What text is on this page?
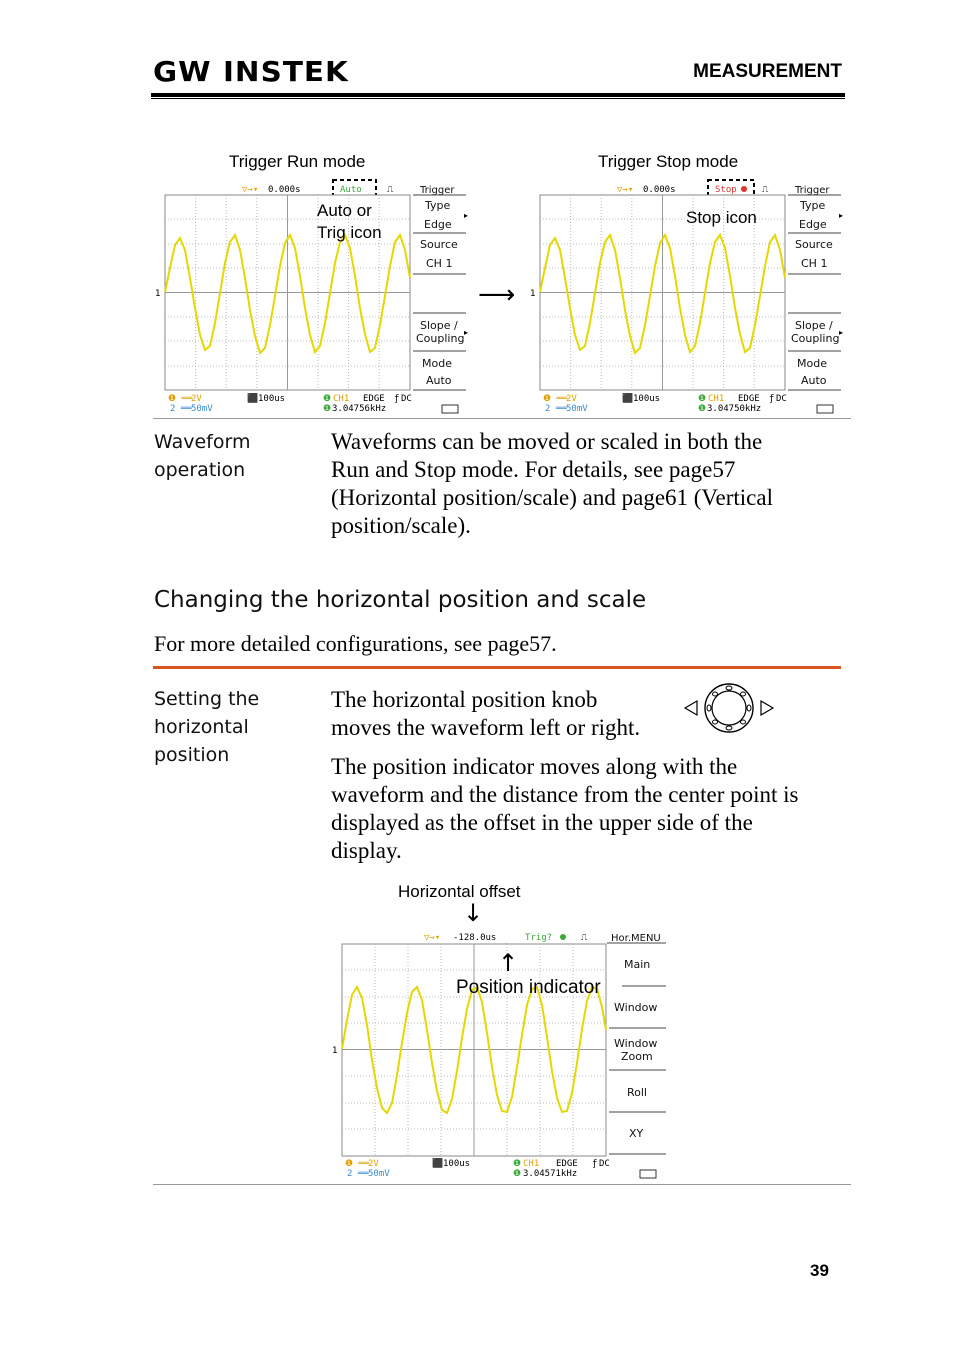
GW INSTEK	MEASUREMENT
Trigger Run mode	Trigger Stop mode
▽→▾ 0.000s	Auto	⎍	Trigger
1
Type
Edge
Source
CH 1
Slope /
Coupling
Mode
Auto
▸
▸
❶ ══
2V
2 ══ 50mV
⬛ 100us	❶ CH1 EDGE ƒ DC
❶ 3.04756kHz
Auto or
Trig icon
⟶
▽→▾ 0.000s	Stop	⎍	Trigger
1
Type
Edge
Source
CH 1
Slope /
Coupling
Mode
Auto
▸
▸
❶ ══
2V
2 ══ 50mV
⬛ 100us	❶ CH1 EDGE ƒ DC
❶ 3.04750kHz
Stop icon
Waveform
operation
Waveforms can be moved or scaled in both the
Run and Stop mode. For details, see page57
(Horizontal position/scale) and page61 (Vertical
position/scale).
Changing the horizontal position and scale
For more detailed configurations, see page57.
Setting the
horizontal
position
The horizontal position knob
moves the waveform left or right.
The position indicator moves along with the
waveform and the distance from the center point is
displayed as the offset in the upper side of the
display.
Horizontal offset
↓
▽→▾ -128.0us	Trig?	⎍ Hor.MENU
1
Main
Window
Window
Zoom
Roll
XY
❶ ══
2V
2 ══ 50mV
⬛ 100us	❶ CH1 EDGE ƒ DC
❶ 3.04571kHz
↑
Position indicator
39
